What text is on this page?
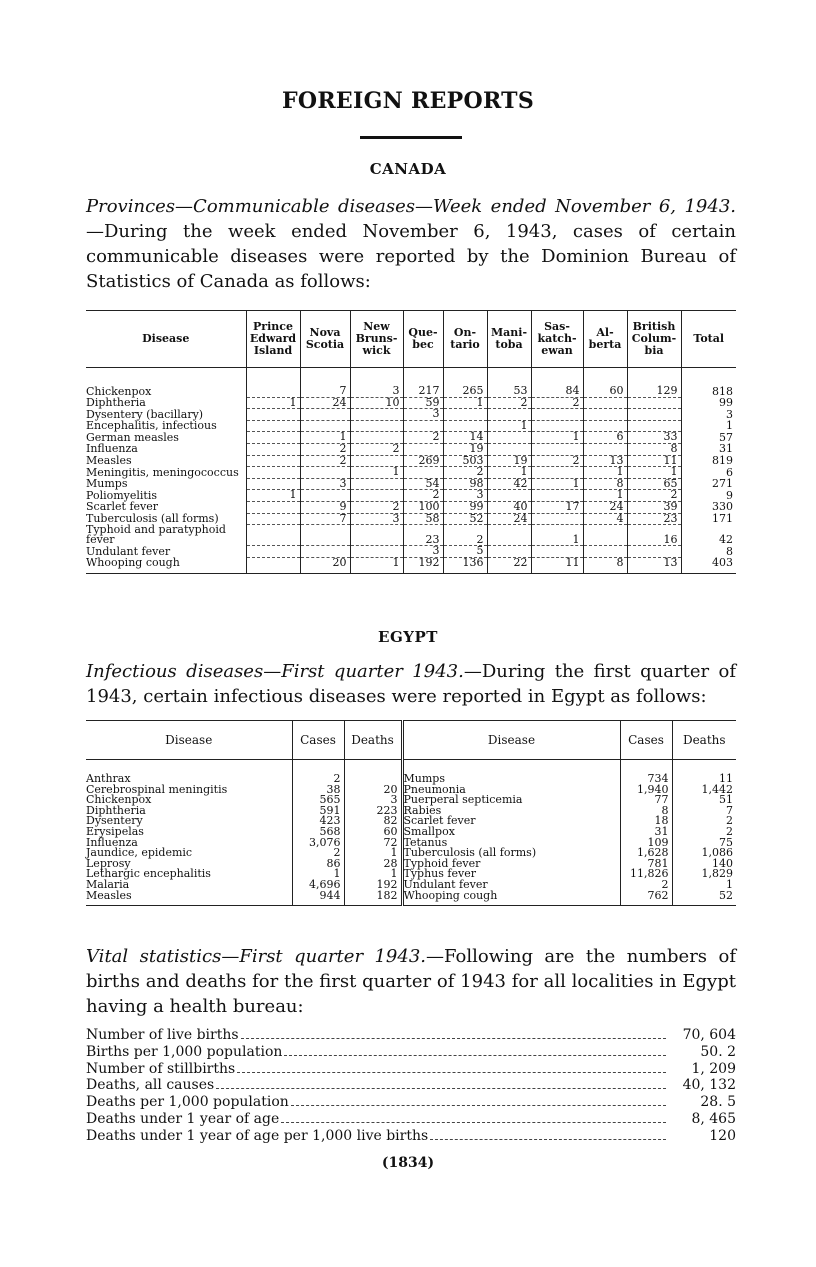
FOREIGN REPORTS
CANADA
Provinces—Communicable diseases—Week ended November 6, 1943.—During the week ended November 6, 1943, cases of certain communicable diseases were reported by the Dominion Bureau of Statistics of Canada as follows:
Disease	Prince Edward Island	Nova Scotia	New Bruns- wick	Que- bec	On- tario	Mani- toba	Sas- katch- ewan	Al- berta	British Colum- bia	Total
Chickenpox		7	3	217	265	53	84	60	129	818
Diphtheria	1	24	10	59	1	2	2			99
Dysentery (bacillary)				3						3
Encephalitis, infectious						1				1
German measles		1		2	14		1	6	33	57
Influenza		2	2		19				8	31
Measles		2		269	503	19	2	13	11	819
Meningitis, meningococcus			1		2	1		1	1	6
Mumps		3		54	98	42	1	8	65	271
Poliomyelitis	1			2	3			1	2	9
Scarlet fever		9	2	100	99	40	17	24	39	330
Tuberculosis (all forms)		7	3	58	52	24		4	23	171
Typhoid and paratyphoid fever				23	2		1		16	42
Undulant fever				3	5					8
Whooping cough		20	1	192	136	22	11	8	13	403
EGYPT
Infectious diseases—First quarter 1943.—During the first quarter of 1943, certain infectious diseases were reported in Egypt as follows:
Disease	Cases	Deaths	Disease	Cases	Deaths
Anthrax	2		Mumps	734	11
Cerebrospinal meningitis	38	20	Pneumonia	1,940	1,442
Chickenpox	565	3	Puerperal septicemia	77	51
Diphtheria	591	223	Rabies	8	7
Dysentery	423	82	Scarlet fever	18	2
Erysipelas	568	60	Smallpox	31	2
Influenza	3,076	72	Tetanus	109	75
Jaundice, epidemic	2	1	Tuberculosis (all forms)	1,628	1,086
Leprosy	86	28	Typhoid fever	781	140
Lethargic encephalitis	1	1	Typhus fever	11,826	1,829
Malaria	4,696	192	Undulant fever	2	1
Measles	944	182	Whooping cough	762	52
Vital statistics—First quarter 1943.—Following are the numbers of births and deaths for the first quarter of 1943 for all localities in Egypt having a health bureau:
Number of live births	70, 604
Births per 1,000 population	50. 2
Number of stillbirths	1, 209
Deaths, all causes	40, 132
Deaths per 1,000 population	28. 5
Deaths under 1 year of age	8, 465
Deaths under 1 year of age per 1,000 live births	120
(1834)
